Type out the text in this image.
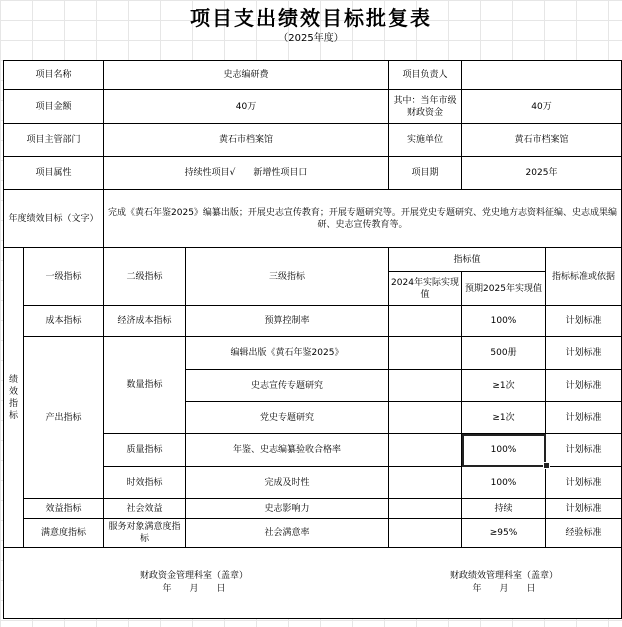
项目支出绩效目标批复表
（2025年度）
项目名称		史志编研费		项目负责人		
项目金额		40万		其中：当年市级财政资金	40万	
项目主管部门		黄石市档案馆		实施单位	黄石市档案馆	
项目属性		持续性项目√　　新增性项目口		项目期	2025年	
年度绩效目标（文字）		完成《黄石年鉴2025》编纂出版；开展史志宣传教育；开展专题研究等。开展党史专题研究、党史地方志资料征编、史志成果编研、史志宣传教育等。				
绩效指标	一级指标	二级指标	三级指标	指标值		指标标准或依据
				2024年实际实现值	预期2025年实现值	
	成本指标	经济成本指标	预算控制率		100%	计划标准
	产出指标	数量指标	编辑出版《黄石年鉴2025》		500册	计划标准
			史志宣传专题研究		≥1次	计划标准
			党史专题研究		≥1次	计划标准
		质量指标	年鉴、史志编纂验收合格率		100%	计划标准
		时效指标	完成及时性		100%	计划标准
	效益指标	社会效益	史志影响力		持续	计划标准
	满意度指标	服务对象满意度指标	社会满意率		≥95%	经验标准

财政资金管理科室（盖章）
年　　月　　日
财政绩效管理科室（盖章）
年　　月　　日						
